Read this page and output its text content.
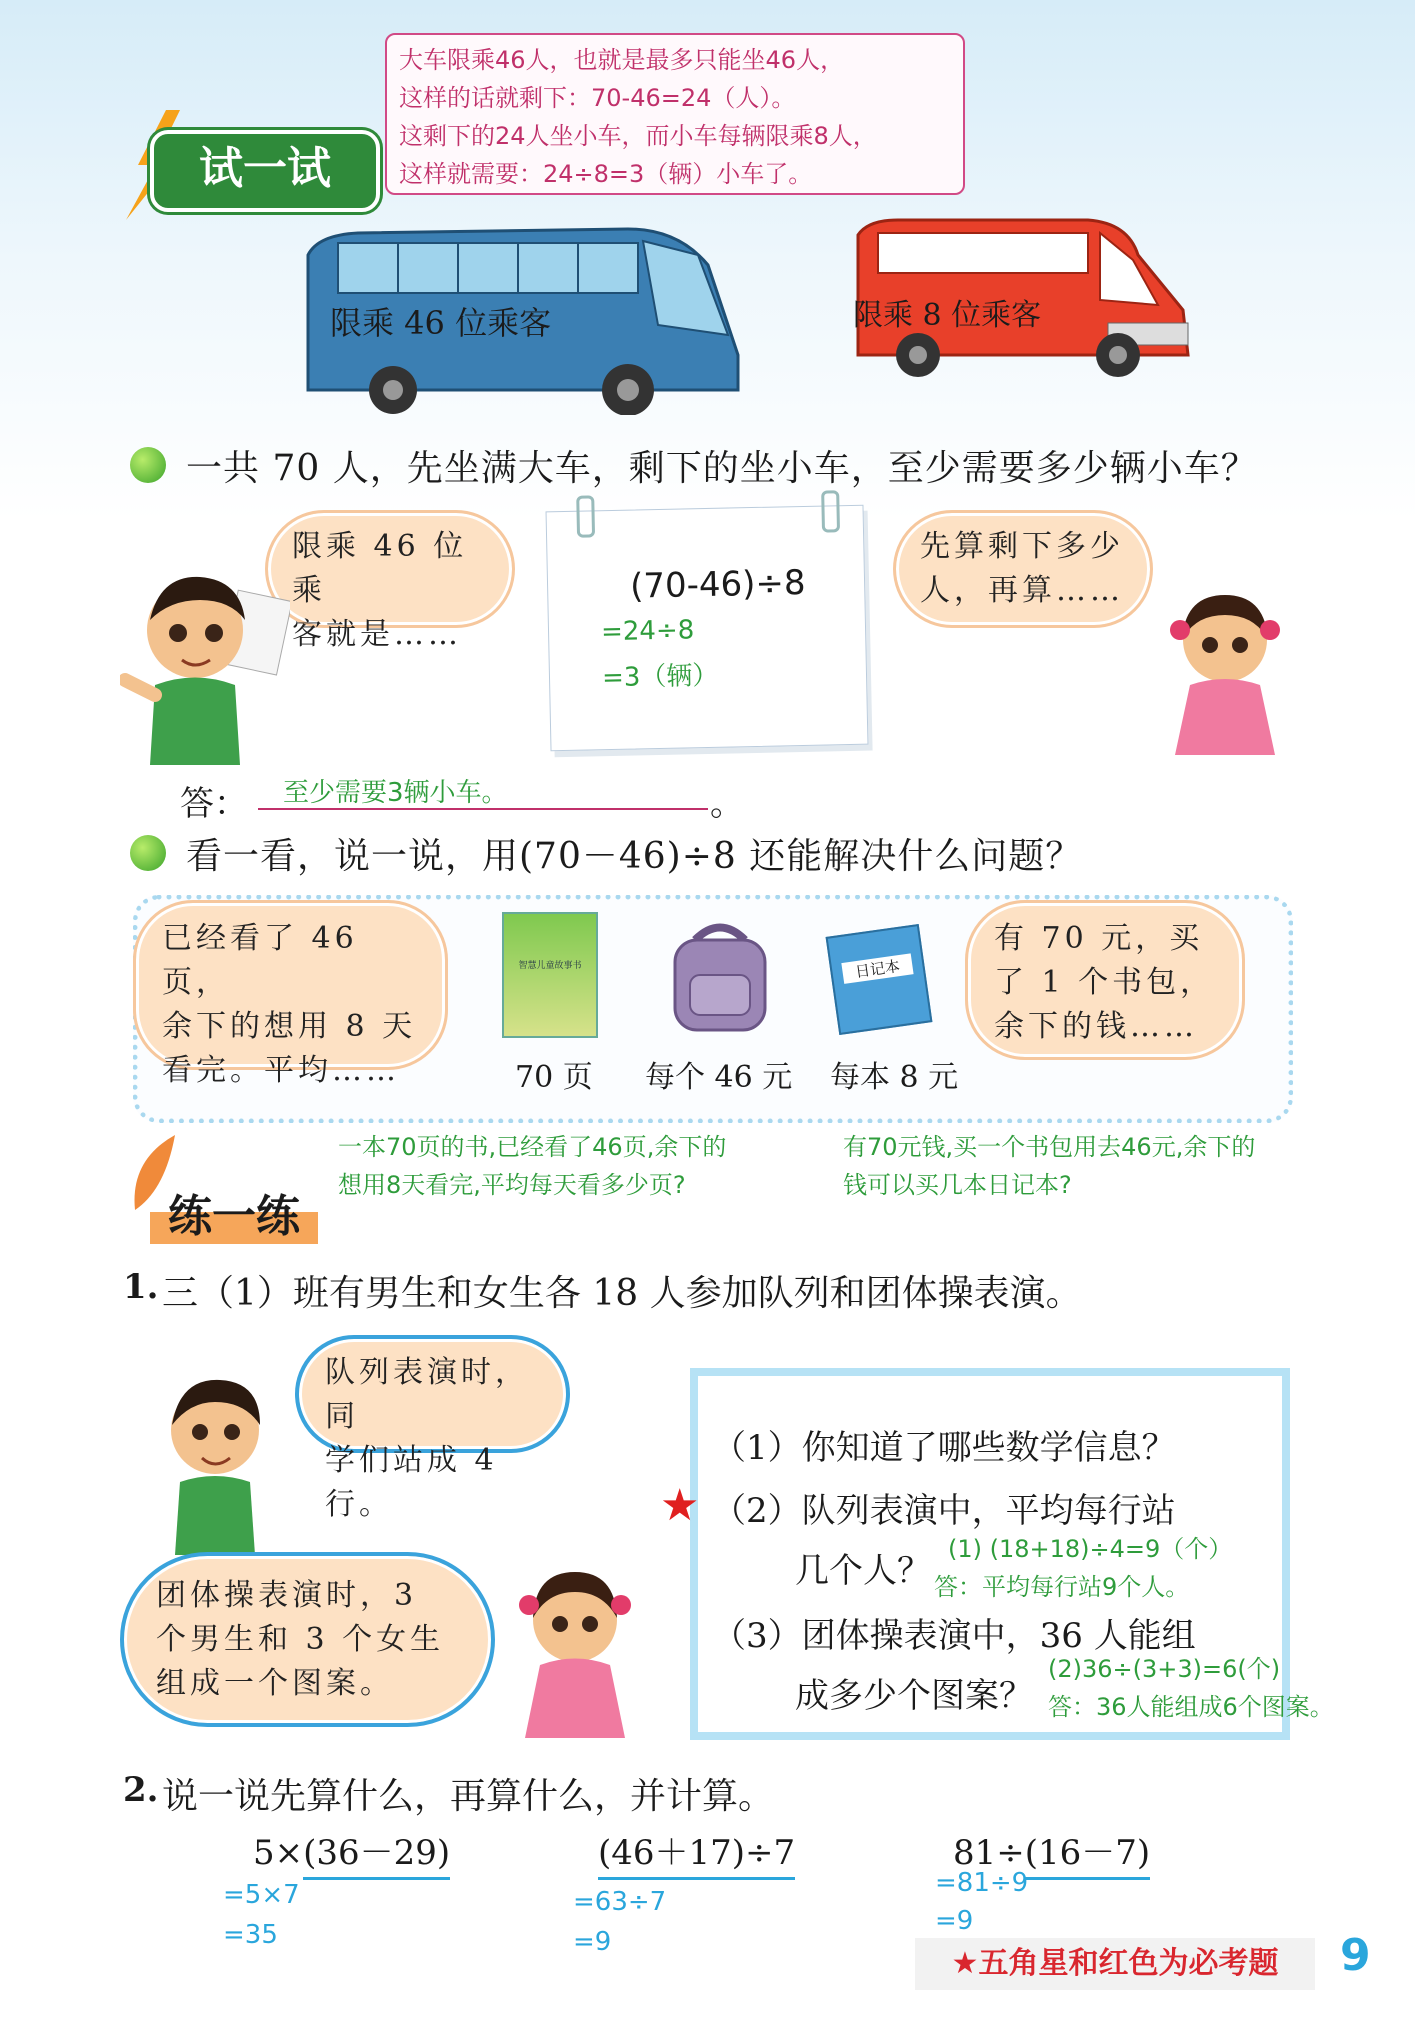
试一试
大车限乘46人，也就是最多只能坐46人，
这样的话就剩下：70-46=24（人）。
这剩下的24人坐小车，而小车每辆限乘8人，
这样就需要：24÷8=3（辆）小车了。
限乘 46 位乘客	限乘 8 位乘客
一共 70 人，先坐满大车，剩下的坐小车，至少需要多少辆小车？
限乘 46 位乘
客就是……
(70-46)÷8
=24÷8
=3（辆）
先算剩下多少
人，再算……
答： 至少需要3辆小车。	。
看一看，说一说，用(70－46)÷8 还能解决什么问题？
已经看了 46 页，
余下的想用 8 天
看完。平均……
智慧儿童故事书	日记本
70 页 每个 46 元 每本 8 元
有 70 元，买
了 1 个书包，
余下的钱……
一本70页的书,已经看了46页,余下的
想用8天看完,平均每天看多少页?
有70元钱,买一个书包用去46元,余下的
钱可以买几本日记本?
练一练
1. 三（1）班有男生和女生各 18 人参加队列和团体操表演。
队列表演时，同
学们站成 4 行。
团体操表演时，3
个男生和 3 个女生
组成一个图案。
（1）你知道了哪些数学信息？
★ （2）队列表演中，平均每行站
几个人？
(1) (18+18)÷4=9（个）
答：平均每行站9个人。
（3）团体操表演中，36 人能组
成多少个图案？
(2)36÷(3+3)=6(个)
答：36人能组成6个图案。
2. 说一说先算什么，再算什么，并计算。
5×(36－29)
=5×7
=35
(46＋17)÷7
=63÷7
=9
81÷(16－7)
=81÷9
=9
★五角星和红色为必考题	9
